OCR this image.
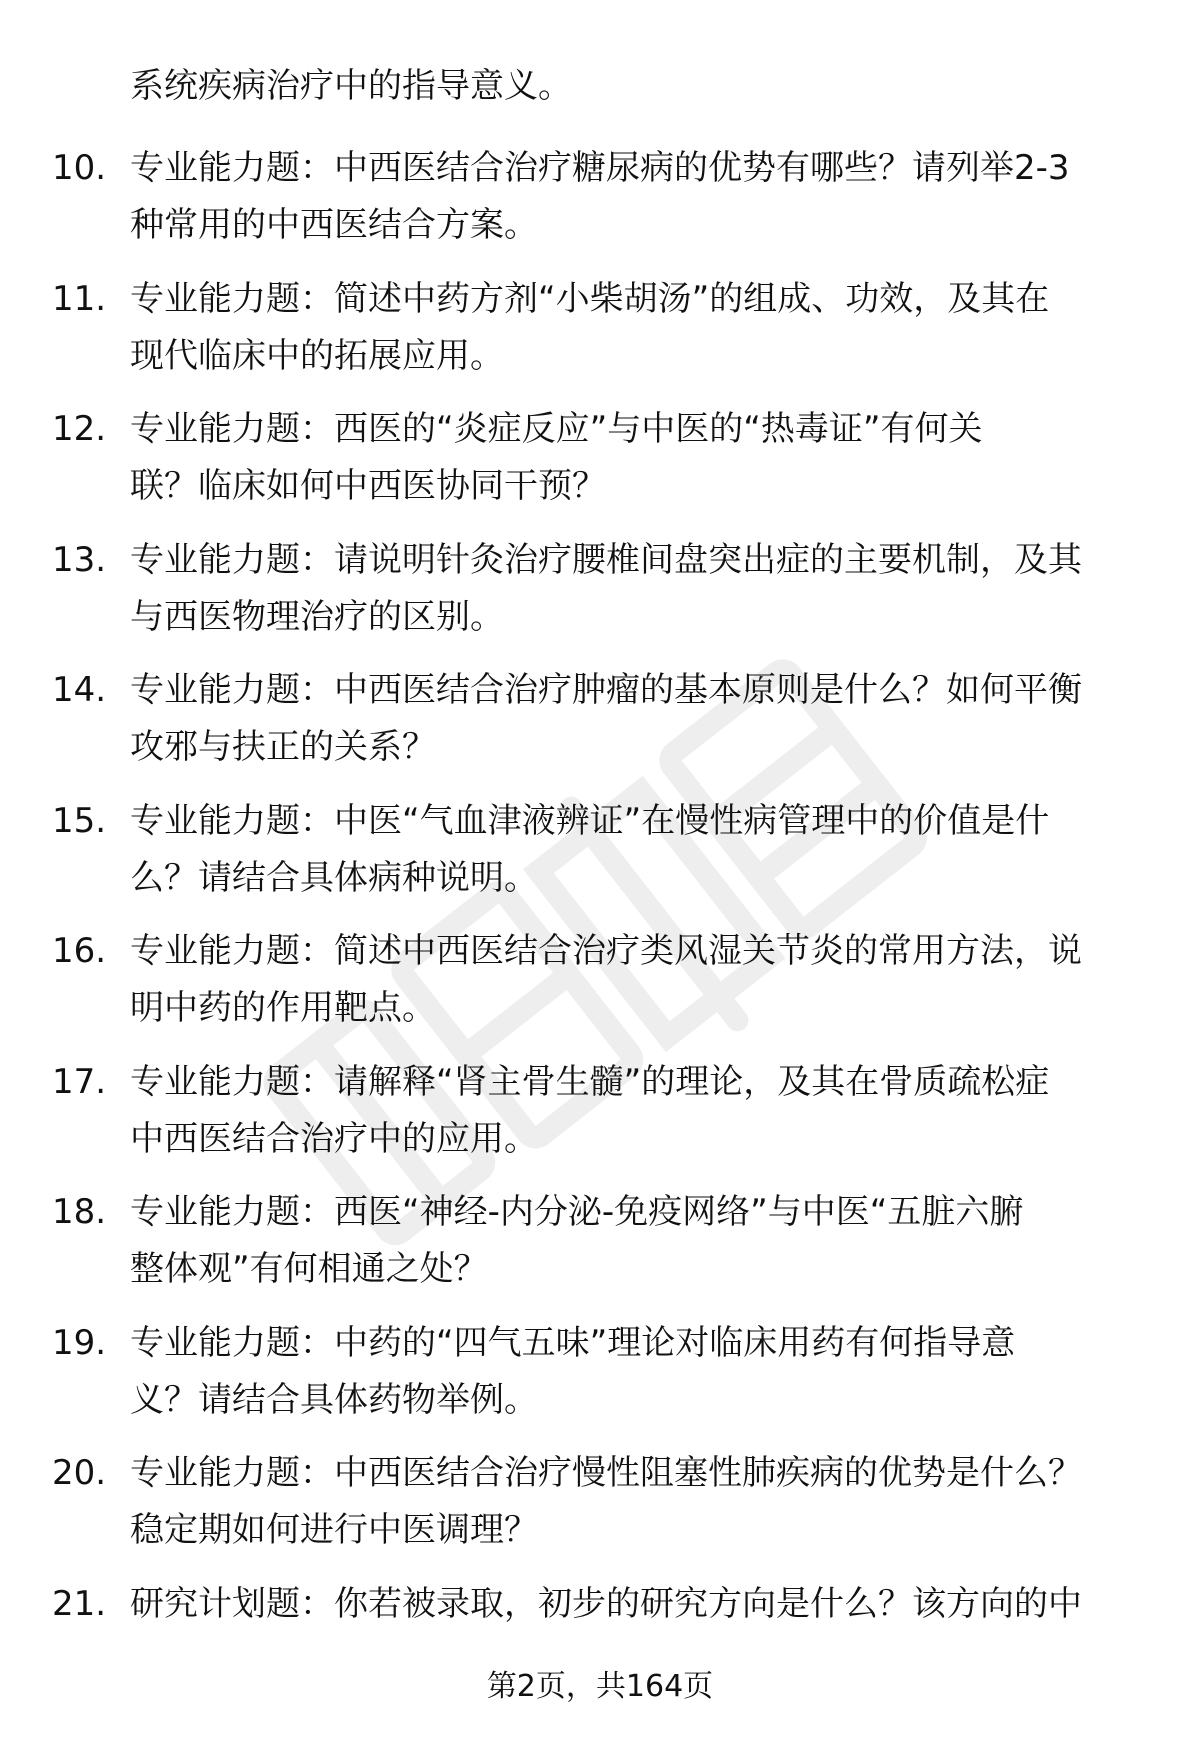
系统疾病治疗中的指导意义。
10. 专业能力题：中西医结合治疗糖尿病的优势有哪些？请列举2-3
种常用的中西医结合方案。
11. 专业能力题：简述中药方剂“小柴胡汤”的组成、功效，及其在
现代临床中的拓展应用。
12. 专业能力题：西医的“炎症反应”与中医的“热毒证”有何关
联？临床如何中西医协同干预？
13. 专业能力题：请说明针灸治疗腰椎间盘突出症的主要机制，及其
与西医物理治疗的区别。
14. 专业能力题：中西医结合治疗肿瘤的基本原则是什么？如何平衡
攻邪与扶正的关系？
15. 专业能力题：中医“气血津液辨证”在慢性病管理中的价值是什
么？请结合具体病种说明。
16. 专业能力题：简述中西医结合治疗类风湿关节炎的常用方法，说
明中药的作用靶点。
17. 专业能力题：请解释“肾主骨生髓”的理论，及其在骨质疏松症
中西医结合治疗中的应用。
18. 专业能力题：西医“神经-内分泌-免疫网络”与中医“五脏六腑
整体观”有何相通之处？
19. 专业能力题：中药的“四气五味”理论对临床用药有何指导意
义？请结合具体药物举例。
20. 专业能力题：中西医结合治疗慢性阻塞性肺疾病的优势是什么？
稳定期如何进行中医调理？
21. 研究计划题：你若被录取，初步的研究方向是什么？该方向的中
第2页，共164页
